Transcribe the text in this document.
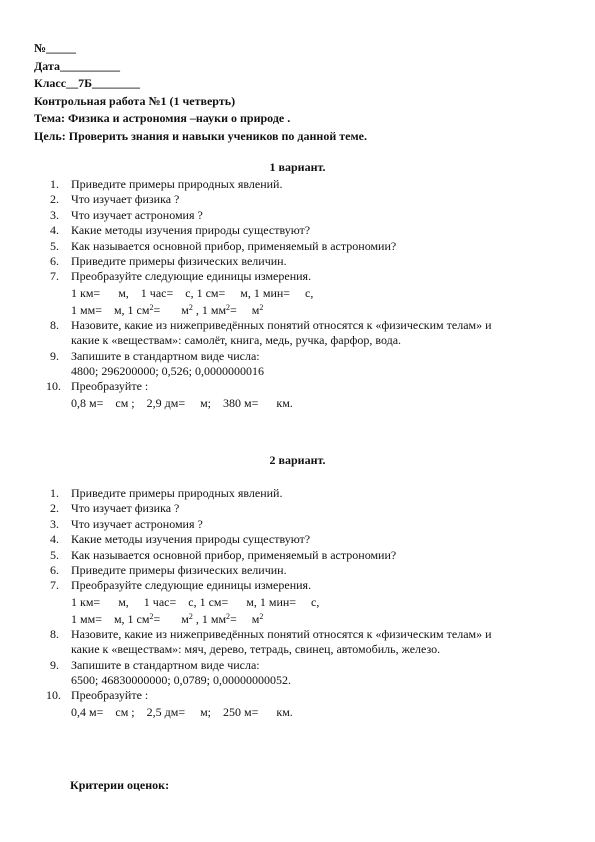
№_____
Дата__________
Класс__7Б________
Контрольная работа №1 (1 четверть)
Тема: Физика и астрономия –науки о природе .
Цель: Проверить знания и навыки учеников по данной теме.
1 вариант.
1. Приведите примеры природных явлений.
2. Что изучает физика ?
3. Что изучает астрономия ?
4. Какие методы изучения природы существуют?
5. Как называется основной прибор, применяемый в астрономии?
6. Приведите примеры физических величин.
7. Преобразуйте следующие единицы измерения.
1 км=      м,    1 час=    с, 1 см=     м, 1 мин=     с,
1 мм=    м, 1 $см^2=$       $м^2$ , 1 $мм^2=$     $м^2$
8. Назовите, какие из нижеприведённых понятий относятся к «физическим телам» и
какие к «веществам»: самолёт, книга, медь, ручка, фарфор, вода.
9. Запишите в стандартном виде числа:
4800; 296200000; 0,526; 0,0000000016
10. Преобразуйте :
0,8 м=    см ;    2,9 дм=     м;    380 м=      км.
2 вариант.
1. Приведите примеры природных явлений.
2. Что изучает физика ?
3. Что изучает астрономия ?
4. Какие методы изучения природы существуют?
5. Как называется основной прибор, применяемый в астрономии?
6. Приведите примеры физических величин.
7. Преобразуйте следующие единицы измерения.
1 км=      м,     1 час=    с, 1 см=      м, 1 мин=     с,
1 мм=    м, 1 $см^2=$       $м^2$ , 1 $мм^2=$     $м^2$
8. Назовите, какие из нижеприведённых понятий относятся к «физическим телам» и
какие к «веществам»: мяч, дерево, тетрадь, свинец, автомобиль, железо.
9. Запишите в стандартном виде числа:
6500; 46830000000; 0,0789; 0,00000000052.
10. Преобразуйте :
0,4 м=    см ;    2,5 дм=     м;    250 м=      км.
Критерии оценок:
